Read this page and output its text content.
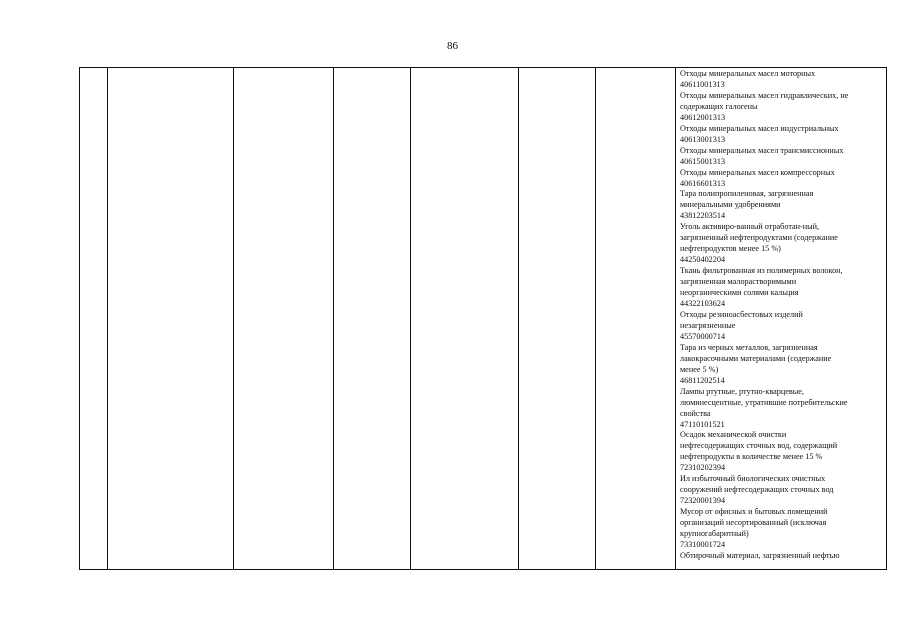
86

Отходы минеральных масел моторных
40611001313
Отходы минеральных масел гидравлических, не
содержащих галогены
40612001313
Отходы минеральных масел индустриальных
40613001313
Отходы минеральных масел трансмиссионных
40615001313
Отходы минеральных масел компрессорных
40616601313
Тара полипропиленовая, загрязненная
минеральными удобрениями
43812203514
Уголь активиро-ванный отработан-ный,
загрязненный нефтепродуктами (содержание
нефтепродуктов менее 15 %)
44250402204
Ткань фильтрованная из полимерных волокон,
загрязненная малорастворимыми
неорганическими солями кальция
44322103624
Отходы резиноасбестовых изделий
незагрязненные
45570000714
Тара из черных металлов, загрязненная
лакокрасочными материалами (содержание
менее 5 %)
46811202514
Лампы ртутные, ртутно-кварцевые,
люминесцентные, утратившие потребительские
свойства
47110101521
Осадок механической очистки
нефтесодержащих сточных вод, содержащий
нефтепродукты в количестве менее 15 %
72310202394
Ил избыточный биологических очистных
сооружений нефтесодержащих сточных вод
72320001394
Мусор от офисных и бытовых помещений
организаций несортированный (исключая
крупногабаритный)
73310001724
Обтирочный материал, загрязненный нефтью
